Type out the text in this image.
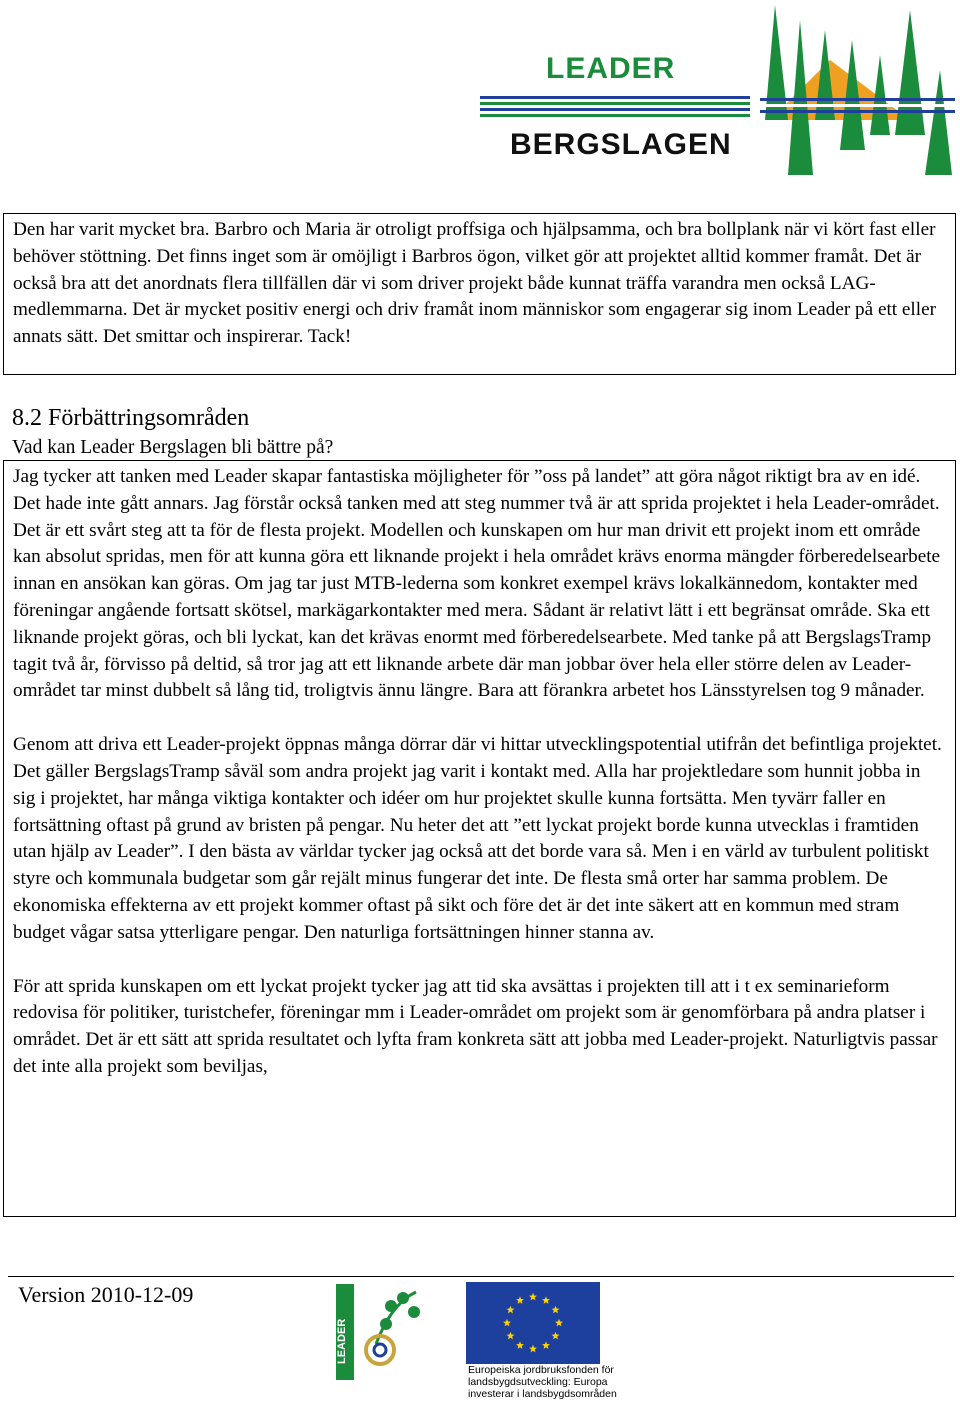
LEADER
BERGSLAGEN

Den har varit mycket bra. Barbro och Maria är otroligt proffsiga och hjälpsamma, och bra bollplank när vi kört fast eller behöver stöttning. Det finns inget som är omöjligt i Barbros ögon, vilket gör att projektet alltid kommer framåt. Det är också bra att det anordnats flera tillfällen där vi som driver projekt både kunnat träffa varandra men också LAG-medlemmarna. Det är mycket positiv energi och driv framåt inom människor som engagerar sig inom Leader på ett eller annats sätt. Det smittar och inspirerar. Tack!

8.2 Förbättringsområden
Vad kan Leader Bergslagen bli bättre på?

Jag tycker att tanken med Leader skapar fantastiska möjligheter för ”oss på landet” att göra något riktigt bra av en idé. Det hade inte gått annars. Jag förstår också tanken med att steg nummer två är att sprida projektet i hela Leader-området. Det är ett svårt steg att ta för de flesta projekt. Modellen och kunskapen om hur man drivit ett projekt inom ett område kan absolut spridas, men för att kunna göra ett liknande projekt i hela området krävs enorma mängder förberedelsearbete innan en ansökan kan göras. Om jag tar just MTB-lederna som konkret exempel krävs lokalkännedom, kontakter med föreningar angående fortsatt skötsel, markägarkontakter med mera. Sådant är relativt lätt i ett begränsat område. Ska ett liknande projekt göras, och bli lyckat, kan det krävas enormt med förberedelsearbete. Med tanke på att BergslagsTramp tagit två år, förvisso på deltid, så tror jag att ett liknande arbete där man jobbar över hela eller större delen av Leader-området tar minst dubbelt så lång tid, troligtvis ännu längre. Bara att förankra arbetet hos Länsstyrelsen tog 9 månader.

Genom att driva ett Leader-projekt öppnas många dörrar där vi hittar utvecklingspotential utifrån det befintliga projektet. Det gäller BergslagsTramp såväl som andra projekt jag varit i kontakt med. Alla har projektledare som hunnit jobba in sig i projektet, har många viktiga kontakter och idéer om hur projektet skulle kunna fortsätta. Men tyvärr faller en fortsättning oftast på grund av bristen på pengar. Nu heter det att ”ett lyckat projekt borde kunna utvecklas i framtiden utan hjälp av Leader”. I den bästa av världar tycker jag också att det borde vara så. Men i en värld av turbulent politiskt styre och kommunala budgetar som går rejält minus fungerar det inte. De flesta små orter har samma problem. De ekonomiska effekterna av ett projekt kommer oftast på sikt och före det är det inte säkert att en kommun med stram budget vågar satsa ytterligare pengar. Den naturliga fortsättningen hinner stanna av.

För att sprida kunskapen om ett lyckat projekt tycker jag att tid ska avsättas i projekten till att i t ex seminarieform redovisa för politiker, turistchefer, föreningar mm i Leader-området om projekt som är genomförbara på andra platser i området. Det är ett sätt att sprida resultatet och lyfta fram konkreta sätt att jobba med Leader-projekt. Naturligtvis passar det inte alla projekt som beviljas,

Version 2010-12-09
LEADER
Europeiska jordbruksfonden för landsbygdsutveckling: Europa investerar i landsbygdsområden
